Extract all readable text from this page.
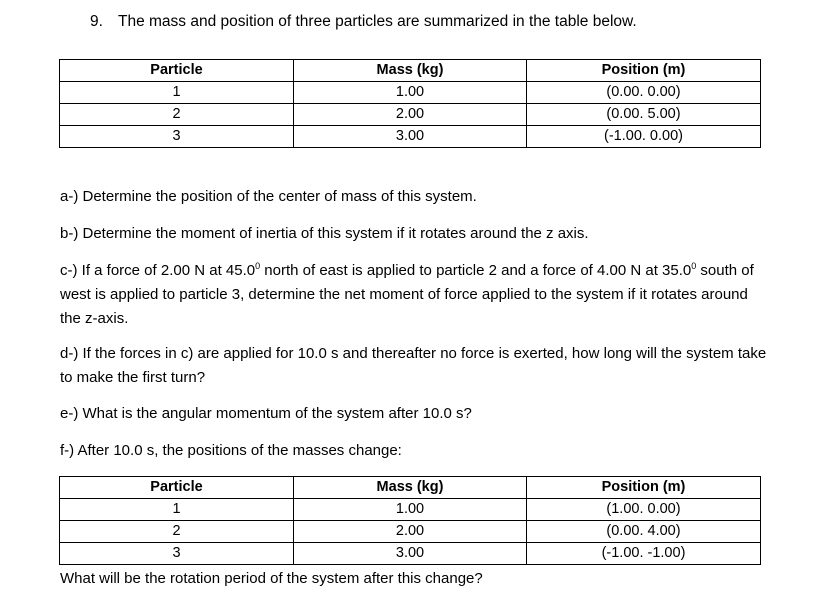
9. The mass and position of three particles are summarized in the table below.
Particle	Mass (kg)	Position (m)
1	1.00	(0.00. 0.00)
2	2.00	(0.00. 5.00)
3	3.00	(-1.00. 0.00)
a-) Determine the position of the center of mass of this system.
b-) Determine the moment of inertia of this system if it rotates around the z axis.
c-) If a force of 2.00 N at 45.0$^0$ north of east is applied to particle 2 and a force of 4.00 N at 35.0$^0$ south of west is applied to particle 3, determine the net moment of force applied to the system if it rotates around the z-axis.
d-) If the forces in c) are applied for 10.0 s and thereafter no force is exerted, how long will the system take to make the first turn?
e-) What is the angular momentum of the system after 10.0 s?
f-) After 10.0 s, the positions of the masses change:
Particle	Mass (kg)	Position (m)
1	1.00	(1.00. 0.00)
2	2.00	(0.00. 4.00)
3	3.00	(-1.00. -1.00)
What will be the rotation period of the system after this change?
